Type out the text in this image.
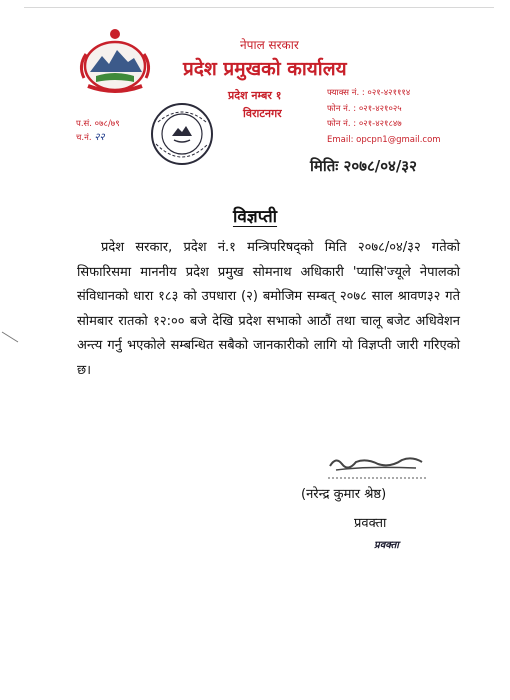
नेपाल सरकार
प्रदेश प्रमुखको कार्यालय
प्रदेश नम्बर १
विराटनगर
फ्याक्स नं. : ०२१-४२१११४
फोन नं. : ०२१-४२१०२५
फोन नं. : ०२१-४२१८४७
Email: opcpn1@gmail.com
प.सं. ०७८/७९
च.नं. २२
मितिः २०७८/०४/३२
विज्ञप्ती
प्रदेश सरकार, प्रदेश नं.१ मन्त्रिपरिषद्को मिति २०७८/०४/३२ गतेको सिफारिसमा माननीय प्रदेश प्रमुख सोमनाथ अधिकारी 'प्यासि'ज्यूले नेपालको संविधानको धारा १८३ को उपधारा (२) बमोजिम सम्बत् २०७८ साल श्रावण३२ गते सोमबार रातको १२:०० बजे देखि प्रदेश सभाको आठौं तथा चालू बजेट अधिवेशन अन्त्य गर्नु भएकोले सम्बन्धित सबैको जानकारीको लागि यो विज्ञप्ती जारी गरिएको छ।
(नरेन्द्र कुमार श्रेष्ठ)
प्रवक्ता
प्रवक्ता
